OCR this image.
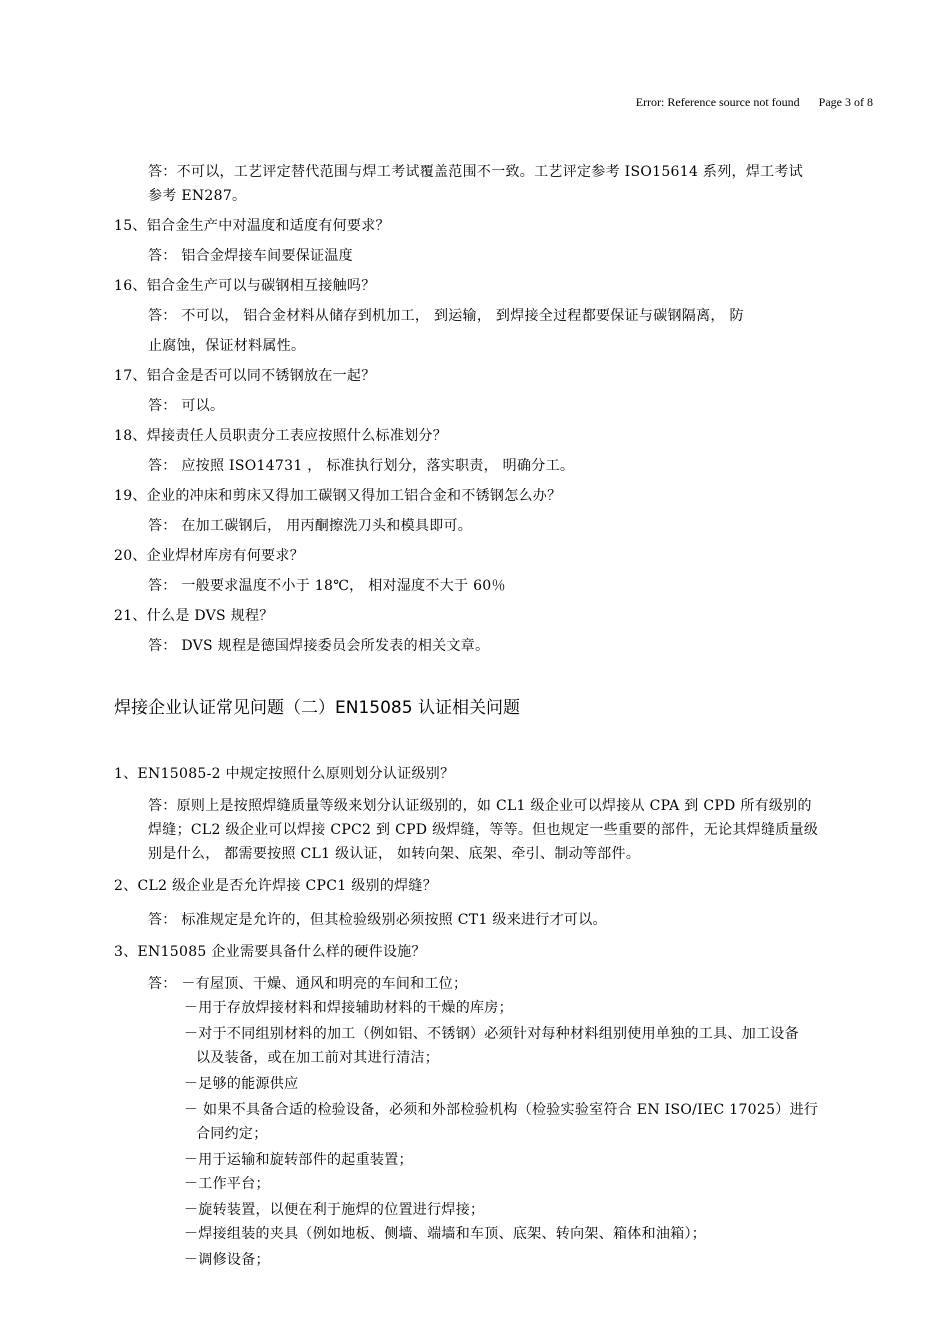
Error: Reference source not found Page 3 of 8
答：不可以，工艺评定替代范围与焊工考试覆盖范围不一致。工艺评定参考 ISO15614 系列，焊工考试
参考 EN287。
15、铝合金生产中对温度和适度有何要求？
答： 铝合金焊接车间要保证温度
16、铝合金生产可以与碳钢相互接触吗？
答： 不可以， 铝合金材料从储存到机加工， 到运输， 到焊接全过程都要保证与碳钢隔离， 防
止腐蚀，保证材料属性。
17、铝合金是否可以同不锈钢放在一起？
答： 可以。
18、焊接责任人员职责分工表应按照什么标准划分？
答： 应按照 ISO14731 ， 标准执行划分，落实职责， 明确分工。
19、企业的冲床和剪床又得加工碳钢又得加工铝合金和不锈钢怎么办？
答： 在加工碳钢后， 用丙酮擦洗刀头和模具即可。
20、企业焊材库房有何要求？
答： 一般要求温度不小于 18℃， 相对湿度不大于 60％
21、什么是 DVS 规程？
答： DVS 规程是德国焊接委员会所发表的相关文章。
1、EN15085-2 中规定按照什么原则划分认证级别？
答：原则上是按照焊缝质量等级来划分认证级别的，如 CL1 级企业可以焊接从 CPA 到 CPD 所有级别的
焊缝；CL2 级企业可以焊接 CPC2 到 CPD 级焊缝，等等。但也规定一些重要的部件，无论其焊缝质量级
别是什么， 都需要按照 CL1 级认证， 如转向架、底架、牵引、制动等部件。
2、CL2 级企业是否允许焊接 CPC1 级别的焊缝？
答： 标准规定是允许的，但其检验级别必须按照 CT1 级来进行才可以。
3、EN15085 企业需要具备什么样的硬件设施？
答： －有屋顶、干燥、通风和明亮的车间和工位；
－用于存放焊接材料和焊接辅助材料的干燥的库房；
－对于不同组别材料的加工（例如铝、不锈钢）必须针对每种材料组别使用单独的工具、加工设备
以及装备，或在加工前对其进行清洁；
－足够的能源供应
－ 如果不具备合适的检验设备，必须和外部检验机构（检验实验室符合 EN ISO/IEC 17025）进行
合同约定；
－用于运输和旋转部件的起重装置；
－工作平台；
－旋转装置，以便在利于施焊的位置进行焊接；
－焊接组装的夹具（例如地板、侧墙、端墙和车顶、底架、转向架、箱体和油箱）；
－调修设备；
焊接企业认证常见问题（二）EN15085 认证相关问题
